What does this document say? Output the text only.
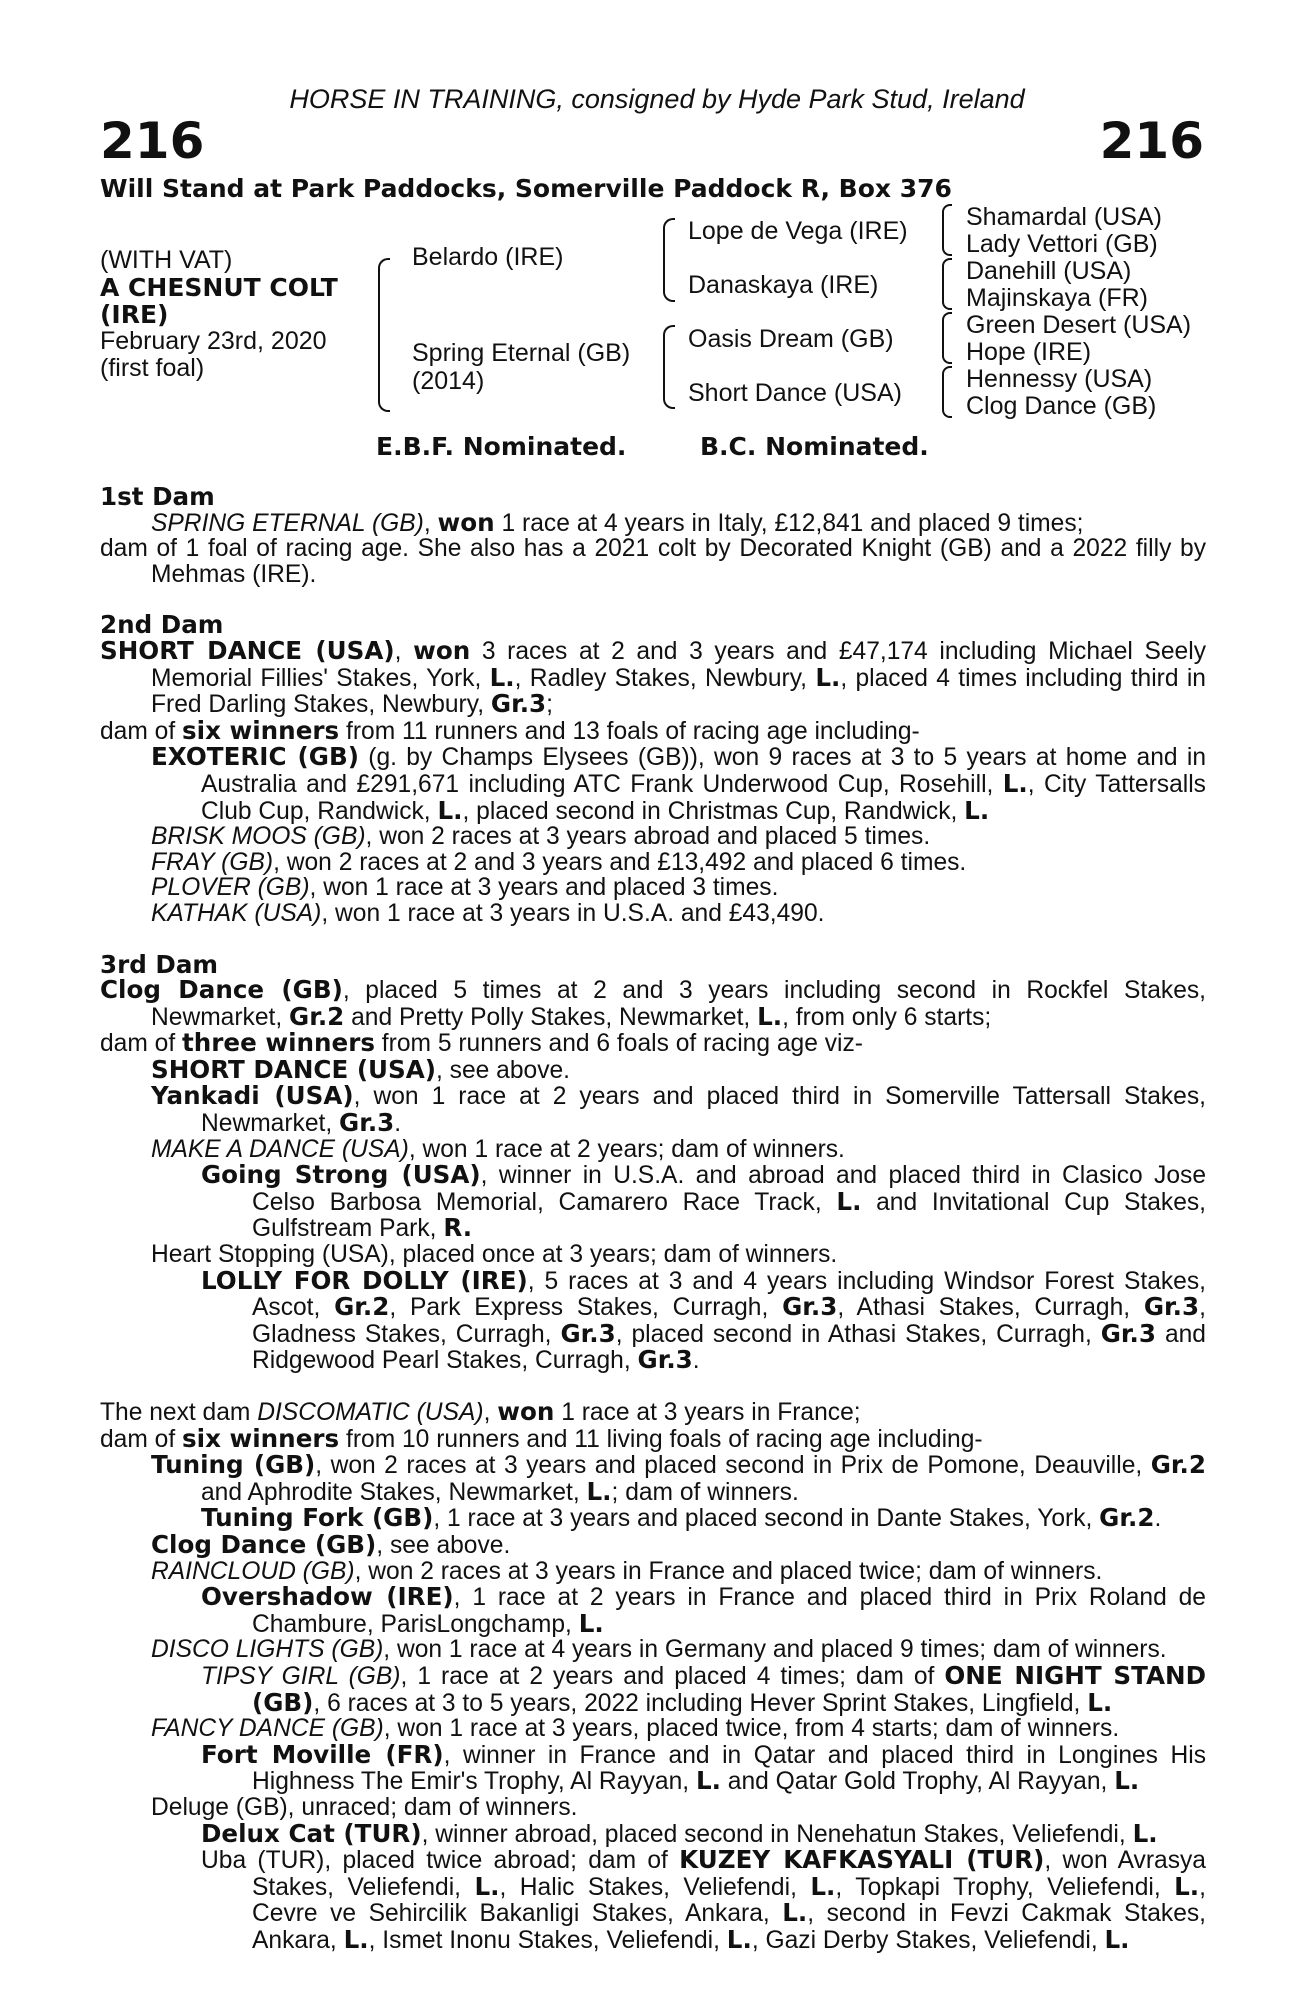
HORSE IN TRAINING, consigned by Hyde Park Stud, Ireland
216	216
Will Stand at Park Paddocks, Somerville Paddock R, Box 376
(WITH VAT)
A CHESNUT COLT
(IRE)
February 23rd, 2020
(first foal)
Belardo (IRE)
Spring Eternal (GB)
(2014)
Lope de Vega (IRE)
Danaskaya (IRE)
Oasis Dream (GB)
Short Dance (USA)
Shamardal (USA)
Lady Vettori (GB)
Danehill (USA)
Majinskaya (FR)
Green Desert (USA)
Hope (IRE)
Hennessy (USA)
Clog Dance (GB)
E.B.F. Nominated.	B.C. Nominated.
1st Dam
SPRING ETERNAL (GB), won 1 race at 4 years in Italy, £12,841 and placed 9 times;
dam of 1 foal of racing age. She also has a 2021 colt by Decorated Knight (GB) and a 2022 filly by Mehmas (IRE).
2nd Dam
SHORT DANCE (USA), won 3 races at 2 and 3 years and £47,174 including Michael Seely Memorial Fillies' Stakes, York, L., Radley Stakes, Newbury, L., placed 4 times including third in Fred Darling Stakes, Newbury, Gr.3;
dam of six winners from 11 runners and 13 foals of racing age including-
EXOTERIC (GB) (g. by Champs Elysees (GB)), won 9 races at 3 to 5 years at home and in Australia and £291,671 including ATC Frank Underwood Cup, Rosehill, L., City Tattersalls Club Cup, Randwick, L., placed second in Christmas Cup, Randwick, L.
BRISK MOOS (GB), won 2 races at 3 years abroad and placed 5 times.
FRAY (GB), won 2 races at 2 and 3 years and £13,492 and placed 6 times.
PLOVER (GB), won 1 race at 3 years and placed 3 times.
KATHAK (USA), won 1 race at 3 years in U.S.A. and £43,490.
3rd Dam
Clog Dance (GB), placed 5 times at 2 and 3 years including second in Rockfel Stakes, Newmarket, Gr.2 and Pretty Polly Stakes, Newmarket, L., from only 6 starts;
dam of three winners from 5 runners and 6 foals of racing age viz-
SHORT DANCE (USA), see above.
Yankadi (USA), won 1 race at 2 years and placed third in Somerville Tattersall Stakes, Newmarket, Gr.3.
MAKE A DANCE (USA), won 1 race at 2 years; dam of winners.
Going Strong (USA), winner in U.S.A. and abroad and placed third in Clasico Jose Celso Barbosa Memorial, Camarero Race Track, L. and Invitational Cup Stakes, Gulfstream Park, R.
Heart Stopping (USA), placed once at 3 years; dam of winners.
LOLLY FOR DOLLY (IRE), 5 races at 3 and 4 years including Windsor Forest Stakes, Ascot, Gr.2, Park Express Stakes, Curragh, Gr.3, Athasi Stakes, Curragh, Gr.3, Gladness Stakes, Curragh, Gr.3, placed second in Athasi Stakes, Curragh, Gr.3 and Ridgewood Pearl Stakes, Curragh, Gr.3.
The next dam DISCOMATIC (USA), won 1 race at 3 years in France;
dam of six winners from 10 runners and 11 living foals of racing age including-
Tuning (GB), won 2 races at 3 years and placed second in Prix de Pomone, Deauville, Gr.2 and Aphrodite Stakes, Newmarket, L.; dam of winners.
Tuning Fork (GB), 1 race at 3 years and placed second in Dante Stakes, York, Gr.2.
Clog Dance (GB), see above.
RAINCLOUD (GB), won 2 races at 3 years in France and placed twice; dam of winners.
Overshadow (IRE), 1 race at 2 years in France and placed third in Prix Roland de Chambure, ParisLongchamp, L.
DISCO LIGHTS (GB), won 1 race at 4 years in Germany and placed 9 times; dam of winners.
TIPSY GIRL (GB), 1 race at 2 years and placed 4 times; dam of ONE NIGHT STAND (GB), 6 races at 3 to 5 years, 2022 including Hever Sprint Stakes, Lingfield, L.
FANCY DANCE (GB), won 1 race at 3 years, placed twice, from 4 starts; dam of winners.
Fort Moville (FR), winner in France and in Qatar and placed third in Longines His Highness The Emir's Trophy, Al Rayyan, L. and Qatar Gold Trophy, Al Rayyan, L.
Deluge (GB), unraced; dam of winners.
Delux Cat (TUR), winner abroad, placed second in Nenehatun Stakes, Veliefendi, L.
Uba (TUR), placed twice abroad; dam of KUZEY KAFKASYALI (TUR), won Avrasya Stakes, Veliefendi, L., Halic Stakes, Veliefendi, L., Topkapi Trophy, Veliefendi, L., Cevre ve Sehircilik Bakanligi Stakes, Ankara, L., second in Fevzi Cakmak Stakes, Ankara, L., Ismet Inonu Stakes, Veliefendi, L., Gazi Derby Stakes, Veliefendi, L.
